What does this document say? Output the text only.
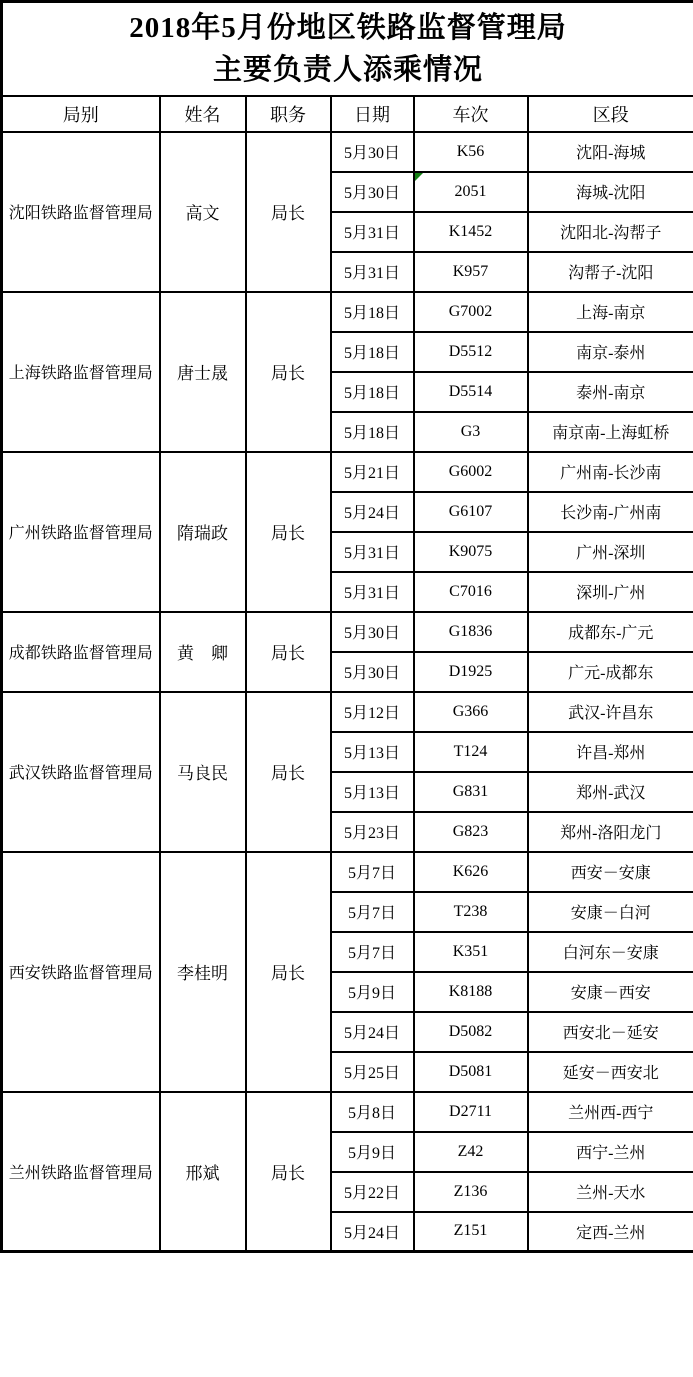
2018年5月份地区铁路监督管理局
主要负责人添乘情况					

局别	姓名	职务	日期	车次	区段
沈阳铁路监督管理局	高文	局长	5月30日	K56	沈阳-海城
			5月30日	2051	海城-沈阳
			5月31日	K1452	沈阳北-沟帮子
			5月31日	K957	沟帮子-沈阳
上海铁路监督管理局	唐士晟	局长	5月18日	G7002	上海-南京
			5月18日	D5512	南京-泰州
			5月18日	D5514	泰州-南京
			5月18日	G3	南京南-上海虹桥
广州铁路监督管理局	隋瑞政	局长	5月21日	G6002	广州南-长沙南
			5月24日	G6107	长沙南-广州南
			5月31日	K9075	广州-深圳
			5月31日	C7016	深圳-广州
成都铁路监督管理局	黄　卿	局长	5月30日	G1836	成都东-广元
			5月30日	D1925	广元-成都东
武汉铁路监督管理局	马良民	局长	5月12日	G366	武汉-许昌东
			5月13日	T124	许昌-郑州
			5月13日	G831	郑州-武汉
			5月23日	G823	郑州-洛阳龙门
西安铁路监督管理局	李桂明	局长	5月7日	K626	西安－安康
			5月7日	T238	安康－白河
			5月7日	K351	白河东－安康
			5月9日	K8188	安康－西安
			5月24日	D5082	西安北－延安
			5月25日	D5081	延安－西安北
兰州铁路监督管理局	邢斌	局长	5月8日	D2711	兰州西-西宁
			5月9日	Z42	西宁-兰州
			5月22日	Z136	兰州-天水
			5月24日	Z151	定西-兰州
